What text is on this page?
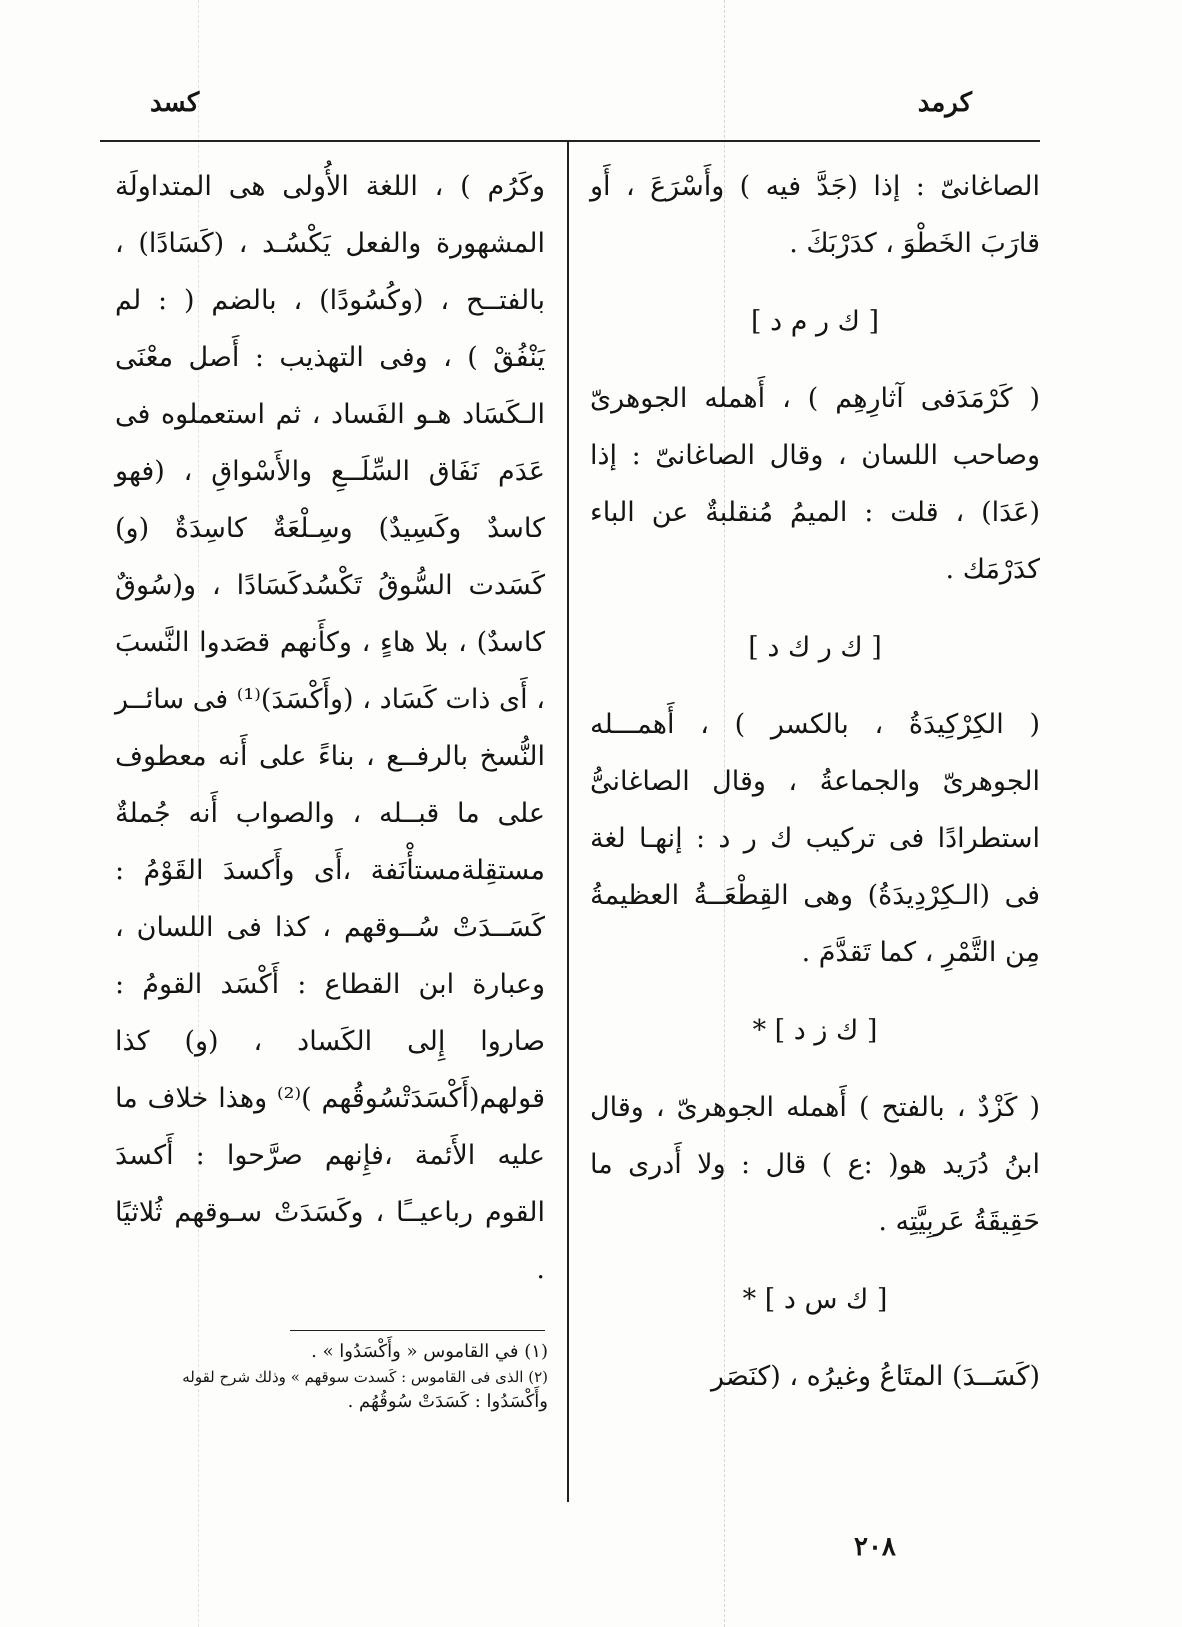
كرمد
كسد

الصاغانىّ : إذا (جَدَّ فيه ) وأَسْرَعَ ، أَو قارَبَ الخَطْوَ ، كدَرْبَكَ .

[ ك ر م د ]

( كَرْمَدَفى آثارِهِم ) ، أَهمله الجوهرىّ وصاحب اللسان ، وقال الصاغانىّ : إذا (عَدَا) ، قلت : الميمُ مُنقلبةٌ عن الباء كدَرْمَك .

[ ك ر ك د ]

( الكِرْكِيدَةُ ، بالكسر ) ، أَهمـــله الجوهرىّ والجماعةُ ، وقال الصاغانىُّ استطرادًا فى تركيب ك ر د : إنهـا لغة فى (الـكِرْدِيدَةُ) وهى القِطْعَــةُ العظيمةُ مِن التَّمْرِ ، كما تَقدَّمَ .

[ ك ز د ] *

( كَزْدٌ ، بالفتح ) أَهمله الجوهرىّ ، وقال ابنُ دُرَيد هو( :ع ) قال : ولا أَدرى ما حَقِيقَةُ عَربِيَّتِه .

[ ك س د ] *

(كَسَــدَ) المتَاعُ وغيرُه ، (كنَصَر

وكَرُم ) ، اللغة الأُولى هى المتداولَة المشهورة والفعل يَكْسُـد ، (كَسَادًا) ، بالفتــح ، (وكُسُودًا) ، بالضم ( : لم يَنْفُقْ ) ، وفى التهذيب : أَصل معْنَى الـكَسَاد هـو الفَساد ، ثم استعملوه فى عَدَم نَفَاق السِّلَــعِ والأَسْواقِ ، (فهو كاسدٌ وكَسِيدٌ) وسِـلْعَةٌ كاسِدَةٌ (و) كَسَدت السُّوقُ تَكْسُدكَسَادًا ، و(سُوقٌ كاسدٌ) ، بلا هاءٍ ، وكأَنهم قصَدوا النَّسبَ ، أَى ذات كَسَاد ، (وأَكْسَدَ)⁽¹⁾ فى سائــر النُّسخ بالرفــع ، بناءً على أَنه معطوف على ما قبــله ، والصواب أَنه جُملةٌ مستقِلةمستأْنَفة ،أَى وأَكسدَ القَوْمُ : كَسَــدَتْ سُــوقهم ، كذا فى اللسان ، وعبارة ابن القطاع : أَكْسَد القومُ : صاروا إِلى الكَساد ، (و) كذا قولهم(أَكْسَدَتْسُوقُهم )⁽²⁾ وهذا خلاف ما عليه الأَئمة ،فإِنهم صرَّحوا : أَكسدَ القوم رباعيــًا ، وكَسَدَتْ سـوقهم ثُلاثيًا .

(١) في القاموس « وأَكْسَدُوا » .

(٢) الذى فى القاموس : كَسدت سوقهم » وذلك شرح لقوله

وأَكْسَدُوا : كَسَدَتْ سُوقُهُم .

٢٠٨
